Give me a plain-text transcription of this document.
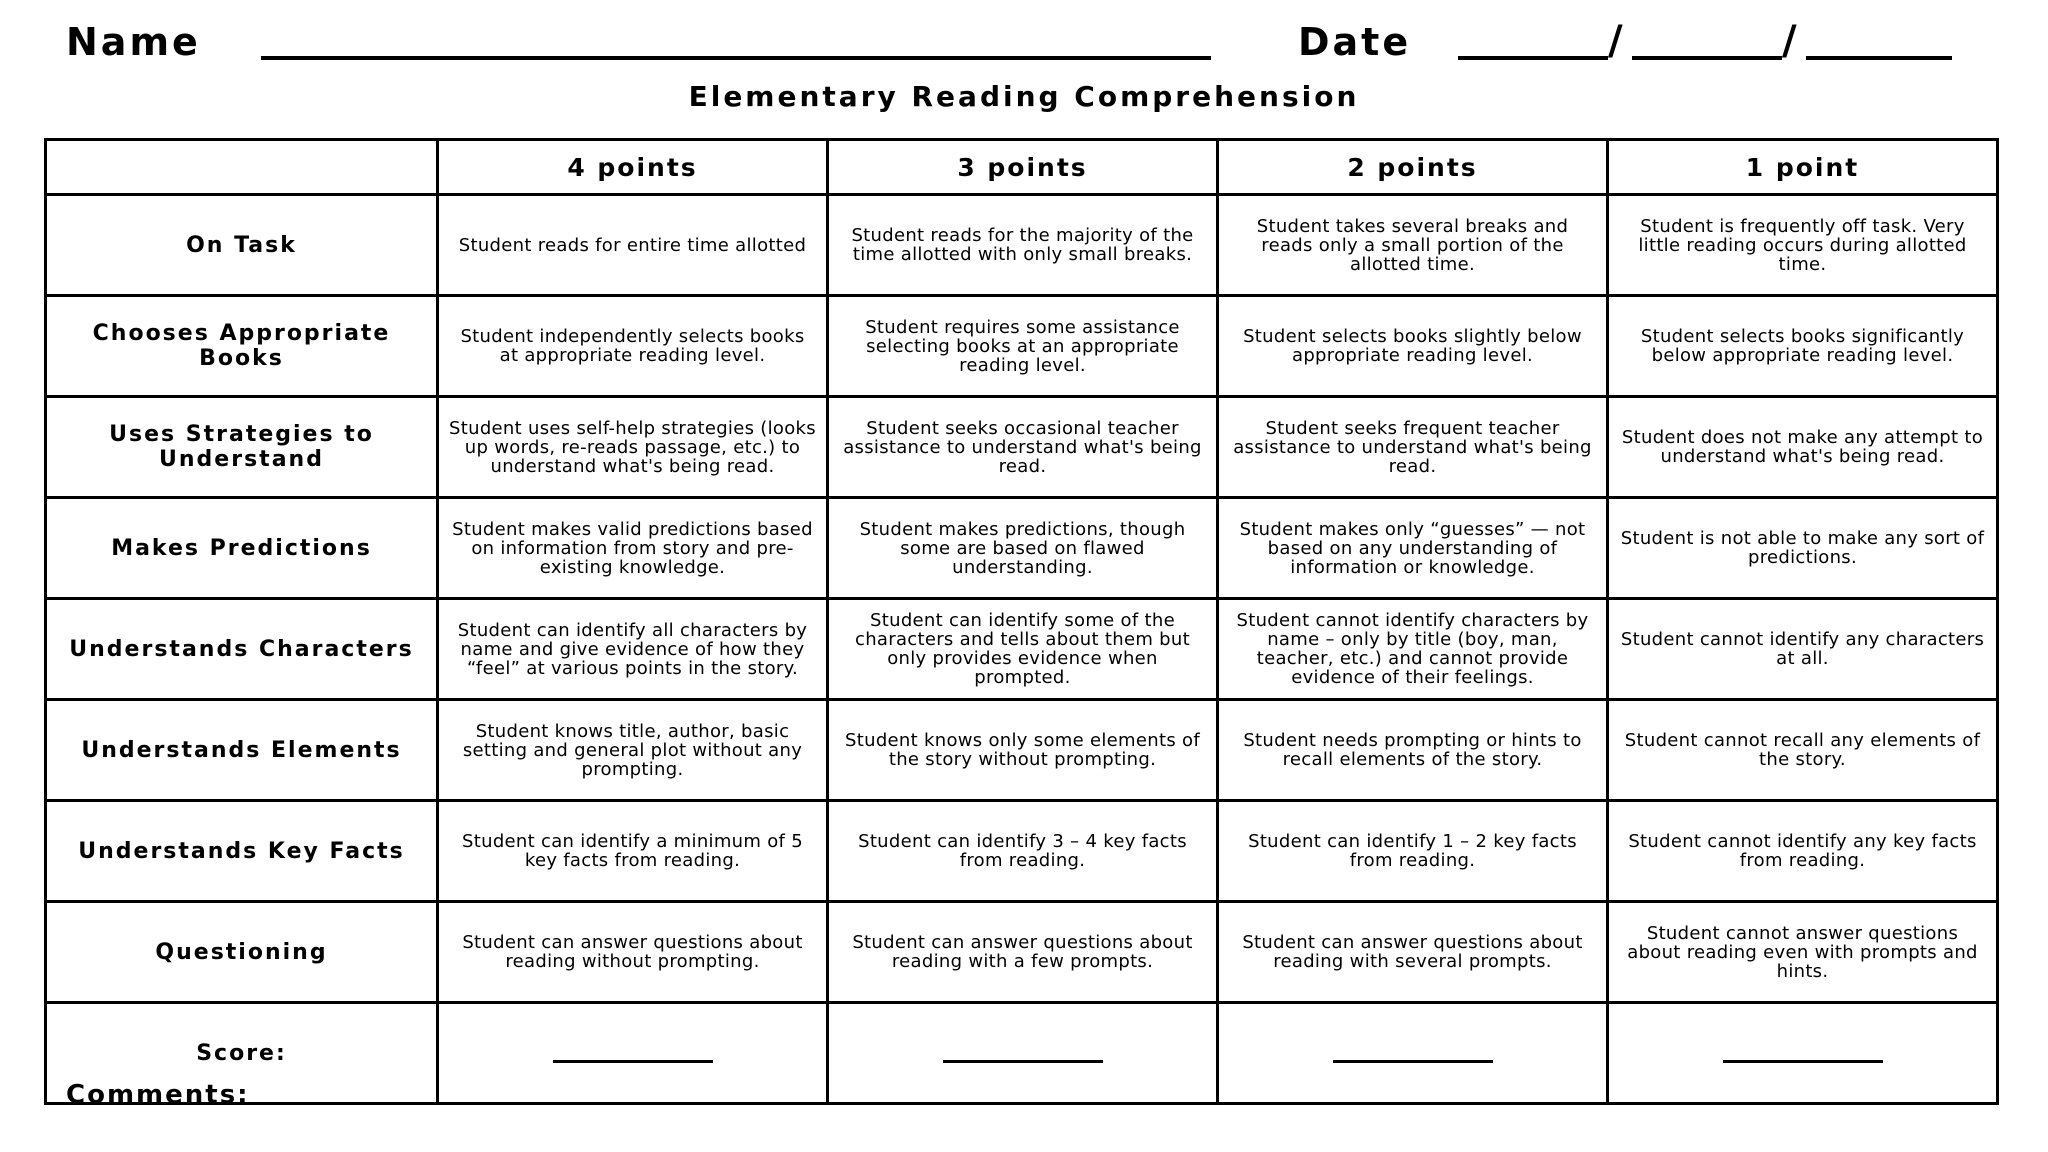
Name	Date	/	/
Elementary Reading Comprehension
	4 points	3 points	2 points	1 point
On Task	Student reads for entire time allotted	Student reads for the majority of the time allotted with only small breaks.	Student takes several breaks and reads only a small portion of the allotted time.	Student is frequently off task. Very little reading occurs during allotted time.
Chooses Appropriate Books	Student independently selects books at appropriate reading level.	Student requires some assistance selecting books at an appropriate reading level.	Student selects books slightly below appropriate reading level.	Student selects books significantly below appropriate reading level.
Uses Strategies to Understand	Student uses self-help strategies (looks up words, re-reads passage, etc.) to understand what's being read.	Student seeks occasional teacher assistance to understand what's being read.	Student seeks frequent teacher assistance to understand what's being read.	Student does not make any attempt to understand what's being read.
Makes Predictions	Student makes valid predictions based on information from story and pre-existing knowledge.	Student makes predictions, though some are based on flawed understanding.	Student makes only “guesses” — not based on any understanding of information or knowledge.	Student is not able to make any sort of predictions.
Understands Characters	Student can identify all characters by name and give evidence of how they “feel” at various points in the story.	Student can identify some of the characters and tells about them but only provides evidence when prompted.	Student cannot identify characters by name – only by title (boy, man, teacher, etc.) and cannot provide evidence of their feelings.	Student cannot identify any characters at all.
Understands Elements	Student knows title, author, basic setting and general plot without any prompting.	Student knows only some elements of the story without prompting.	Student needs prompting or hints to recall elements of the story.	Student cannot recall any elements of the story.
Understands Key Facts	Student can identify a minimum of 5 key facts from reading.	Student can identify 3 – 4 key facts from reading.	Student can identify 1 – 2 key facts from reading.	Student cannot identify any key facts from reading.
Questioning	Student can answer questions about reading without prompting.	Student can answer questions about reading with a few prompts.	Student can answer questions about reading with several prompts.	Student cannot answer questions about reading even with prompts and hints.
Score:				
Comments:
